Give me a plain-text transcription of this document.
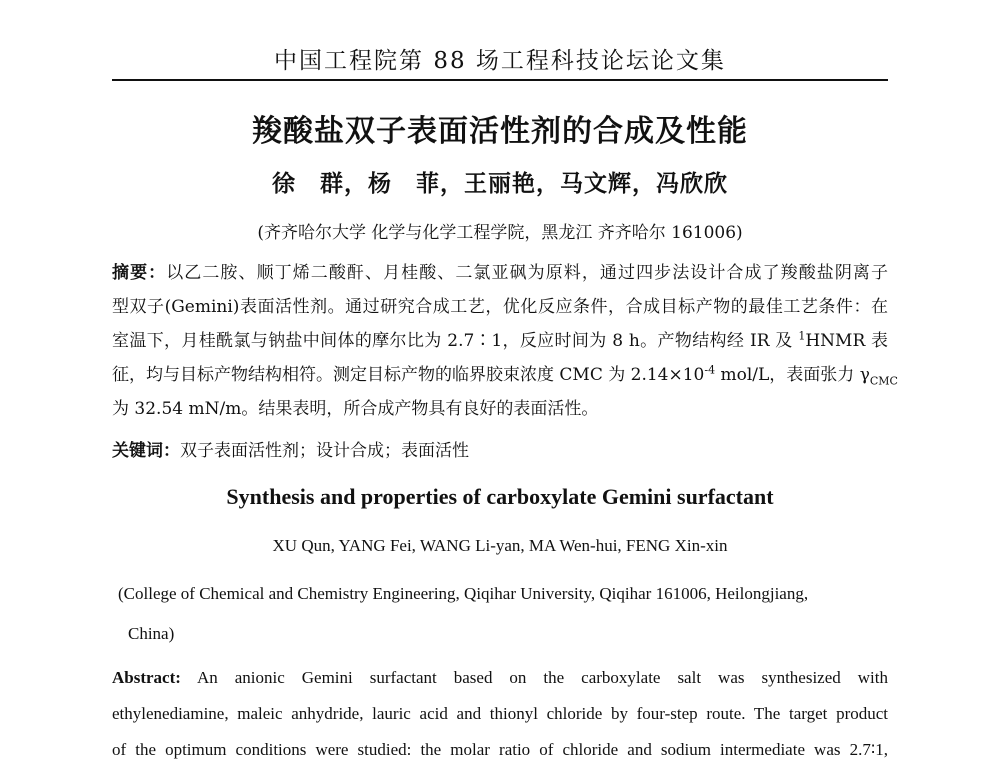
中国工程院第 88 场工程科技论坛论文集
羧酸盐双子表面活性剂的合成及性能
徐　群，杨　菲，王丽艳，马文辉，冯欣欣
(齐齐哈尔大学 化学与化学工程学院，黑龙江 齐齐哈尔 161006)
摘要：以乙二胺、顺丁烯二酸酐、月桂酸、二氯亚砜为原料，通过四步法设计合成了羧酸盐阴离子
型双子(Gemini)表面活性剂。通过研究合成工艺，优化反应条件，合成目标产物的最佳工艺条件：在
室温下，月桂酰氯与钠盐中间体的摩尔比为 2.7∶1，反应时间为 8 h。产物结构经 IR 及 $^1$HNMR 表
征，均与目标产物结构相符。测定目标产物的临界胶束浓度 CMC 为 $2.14\times 10^{-4}$ mol/L，表面张力 $\gamma_{CMC}$
为 32.54 mN/m。结果表明，所合成产物具有良好的表面活性。
关键词：双子表面活性剂；设计合成；表面活性
Synthesis and properties of carboxylate Gemini surfactant
XU Qun, YANG Fei, WANG Li-yan, MA Wen-hui, FENG Xin-xin
(College of Chemical and Chemistry Engineering, Qiqihar University, Qiqihar 161006, Heilongjiang,
China)
Abstract: An anionic Gemini surfactant based on the carboxylate salt was synthesized with
ethylenediamine, maleic anhydride, lauric acid and thionyl chloride by four-step route. The target product
of the optimum conditions were studied: the molar ratio of chloride and sodium intermediate was 2.7∶1,
